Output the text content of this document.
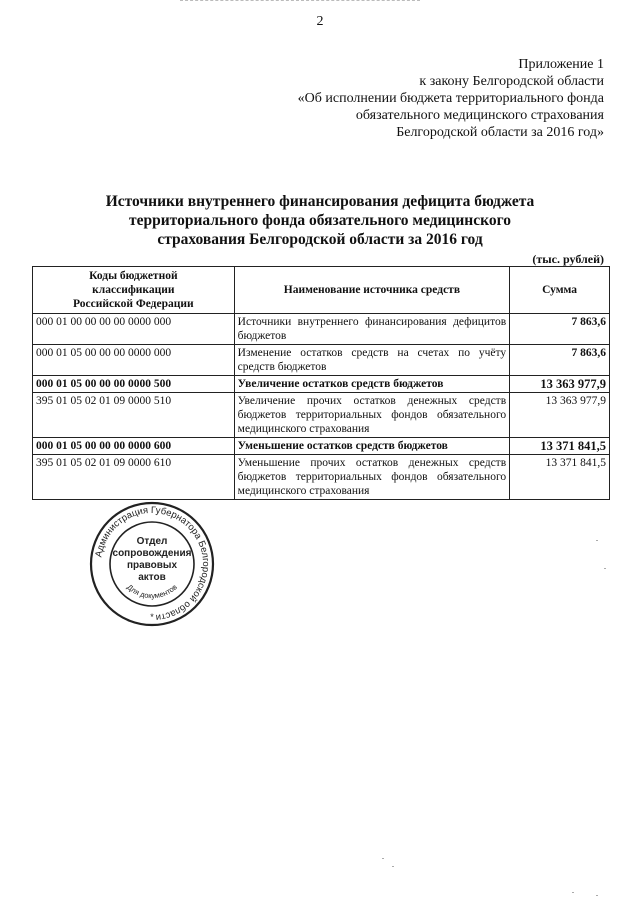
2
Приложение 1
к закону Белгородской области
«Об исполнении бюджета территориального фонда
обязательного медицинского страхования
Белгородской области за 2016 год»
Источники внутреннего финансирования дефицита бюджета
территориального фонда обязательного медицинского
страхования Белгородской области за 2016 год
(тыс. рублей)
Коды бюджетной
классификации
Российской Федерации	Наименование источника средств	Сумма
000 01 00 00 00 00 0000 000	Источники внутреннего финансирования дефицитов бюджетов	7 863,6
000 01 05 00 00 00 0000 000	Изменение остатков средств на счетах по учёту средств бюджетов	7 863,6
000 01 05 00 00 00 0000 500	Увеличение остатков средств бюджетов	13 363 977,9
395 01 05 02 01 09 0000 510	Увеличение прочих остатков денежных средств бюджетов территориальных фондов обязательного медицинского страхования	13 363 977,9
000 01 05 00 00 00 0000 600	Уменьшение остатков средств бюджетов	13 371 841,5
395 01 05 02 01 09 0000 610	Уменьшение прочих остатков денежных средств бюджетов территориальных фондов обязательного медицинского страхования	13 371 841,5
Администрация Губернатора Белгородской области
Отдел
сопровождения
правовых
актов
Для документов
*
